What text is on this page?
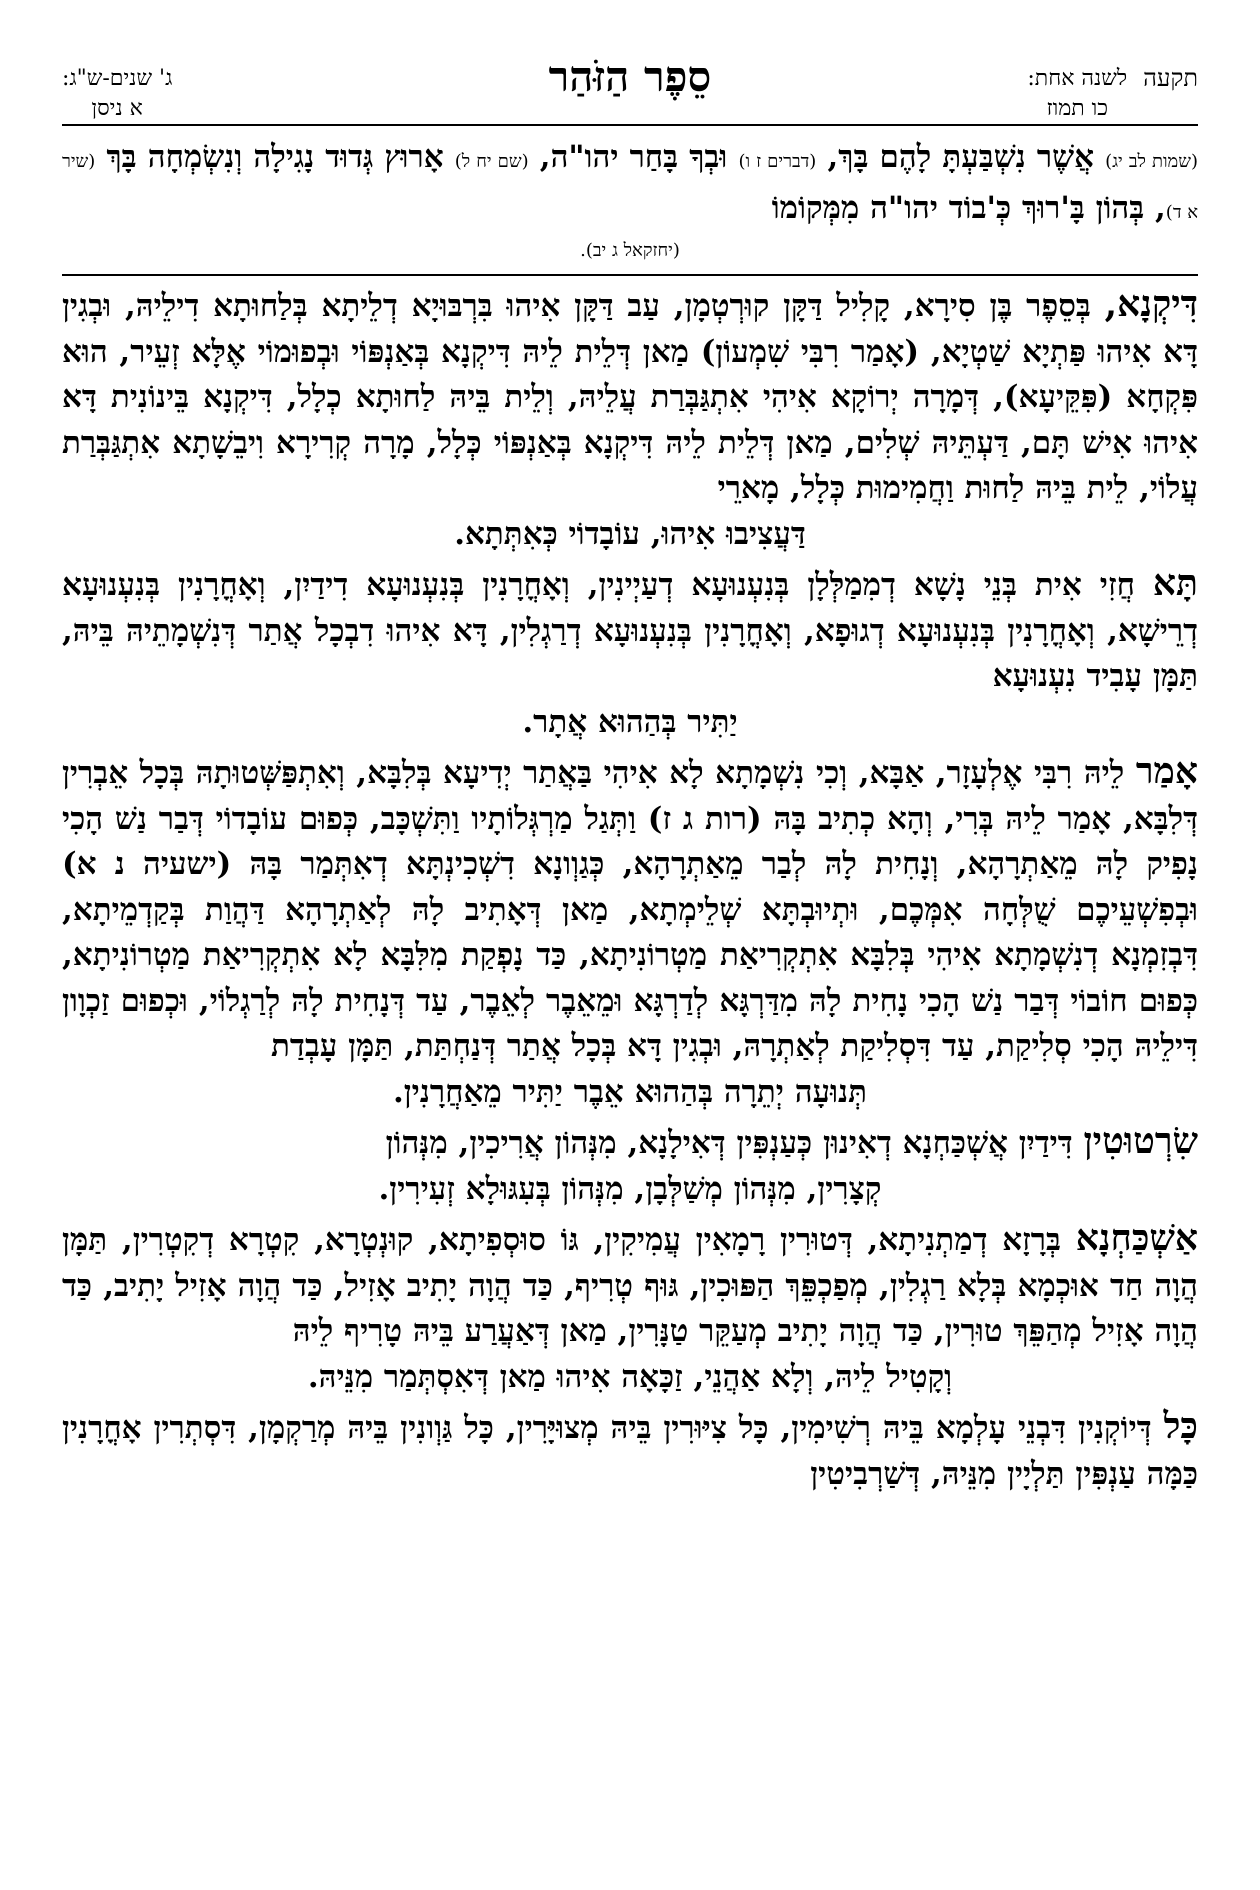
תקעה
לשנה אחת:
כו תמוז
סֵפֶר הַזֹּהַר
ג' שנים-ש"ג:
א ניסן
(שמות לב יג) אֲשֶׁר נִשְׁבַּעְתָּ לָהֶם בָּךְ, (דברים ז ו) וּבְךָ בָּחַר יהו"ה, (שם יח ל) אָרוּץ גְּדוּד נָגִילָה וְנִשְׂמְחָה בָּךְ (שיר א ד), בְּהוֹן בָּ'רוּךְ כְּ'בוֹד יהו"ה מִמְּקוֹמוֹ
(יחזקאל ג יב).

דִּיקְנָא, בְּסֵפֶר בֶּן סִירָא, קָלִיל דַּקָּן קוּרְטְמָן, עַב דַּקָּן אִיהוּ בִּרְבּוּיָא דְלֵיתָא בְּלַחוּתָא דִילֵיהּ, וּבְגִין דָּא אִיהוּ פַּתְיָא שַׁטְיָא, (אָמַר רִבִּי שִׁמְעוֹן) מַאן דְּלֵית לֵיהּ דִּיקְנָא בְּאַנְפּוֹי וּבְפוּמוֹי אֶלָּא זְעֵיר, הוּא פִּקְחָא (פִּקֵּיעָא), דְּמָרָה יְרוֹקָא אִיהִי אִתְגַּבְּרַת עֲלֵיהּ, וְלֵית בֵּיהּ לַחוּתָא כְלָל, דִּיקְנָא בֵּינוֹנִית דָּא אִיהוּ אִישׁ תָּם, דַּעְתֵּיהּ שְׁלִים, מַאן דְּלֵית לֵיהּ דִּיקְנָא בְּאַנְפּוֹי כְּלָל, מָרָה קְרִירָא וִיבֵשָׁתָא אִתְגַּבְּרַת עֲלוֹי, לֵית בֵּיהּ לַחוּת וַחֲמִימוּת כְּלָל, מָארֵי
דַּעֲצִיבוּ אִיהוּ, עוֹבָדוֹי כְּאִתְּתָא.

תָּא חֲזִי אִית בְּנֵי נָשָׁא דְמִמַלְּלָן בְּנִעְנוּעָא דְעַיְינִין, וְאָחֳרָנִין בְּנִעְנוּעָא דִידַיִן, וְאָחֳרָנִין בְּנִעְנוּעָא דְרֵישָׁא, וְאָחֳרָנִין בְּנִעְנוּעָא דְגוּפָא, וְאָחֳרָנִין בְּנִעְנוּעָא דְרַגְלִין, דָּא אִיהוּ דִבְכָל אֲתַר דְּנִשְׁמָתֵיהּ בֵּיהּ, תַּמָּן עָבִיד נִעְנוּעָא
יַתִּיר בְּהַהוּא אֲתָר.

אָמַר לֵיהּ רִבִּי אֶלְעָזָר, אַבָּא, וְכִי נִשְׁמָתָא לָא אִיהִי בַּאֲתַר יְדִיעָא בְּלִבָּא, וְאִתְפַּשְּׁטוּתָהּ בְּכָל אֵבְרִין דְּלִבָּא, אָמַר לֵיהּ בְּרִי, וְהָא כְתִיב בָּהּ (רות ג ז) וַתְּגַל מַרְגְּלוֹתָיו וַתִּשְׁכָּב, כְּפוּם עוֹבָדוֹי דְּבַר נַשׁ הָכִי נָפִיק לָהּ מֵאַתְרָהָא, וְנָחִית לָהּ לְבַר מֵאַתְרָהָא, כְּגַוְונָא דִשְׁכִינְתָּא דְאִתְּמַר בָּהּ (ישעיה נ א) וּבְפִשְׁעֵיכֶם שֻׁלְּחָה אִמְּכֶם, וּתְיוּבְתָּא שְׁלֵימְתָא, מַאן דְּאָתִיב לָהּ לְאַתְרָהָא דַּהֲוַת בְּקַדְמֵיתָא, דִּבְזִמְנָא דְנִשְׁמָתָא אִיהִי בְּלִבָּא אִתְקְרִיאַת מַטְרוֹנִיתָא, כַּד נָפְקַת מִלִּבָּא לָא אִתְקְרִיאַת מַטְרוֹנִיתָא, כְּפוּם חוֹבוֹי דְּבַר נַשׁ הָכִי נָחִית לָהּ מִדַּרְגָּא לְדַרְגָּא וּמֵאֵבֶר לְאֵבֶר, עַד דְּנָחִית לָהּ לְרַגְלוֹי, וּכְפוּם זַכְוָון דִּילֵיהּ הָכִי סְלִיקַת, עַד דִּסְלִיקַת לְאַתְרָהּ, וּבְגִין דָּא בְּכָל אֲתַר דְּנַחְתַּת, תַּמָּן עָבְדַת
תְּנוּעָה יְתֵרָה בְּהַהוּא אֵבֶר יַתִּיר מֵאַחֲרָנִין.

שִׂרְטוּטִין דִּידַיִן אֲשְׁכַּחְנָא דְאִינוּן כְּעַנְפִּין דְּאִילָנָא, מִנְּהוֹן אֲרִיכִין, מִנְּהוֹן
קְצָרִין, מִנְּהוֹן מְשַׁלְּבָן, מִנְּהוֹן בְּעִגּוּלָא זְעִירִין.

אַשְׁכַּחְנָא בְּרָזָא דְמַתְנִיתָא, דְּטוּרִין רָמָאִין עֲמִיקִין, גּוֹ סוּסְפִיתָא, קוּנְטְרָא, קִטְרָא דְקִטְרִין, תַּמָּן הֲוָה חַד אוּכְמָא בְּלָא רַגְלִין, מְפַכְפֵּךְ הַפּוּכִין, גּוּף טְרִיף, כַּד הֲוָה יָתִיב אָזִיל, כַּד הֲוָה אָזִיל יָתִיב, כַּד הֲוָה אָזִיל מְהַפֵּךְ טוּרִין, כַּד הֲוָה יָתִיב מְעַקֵּר טַנָּרִין, מַאן דְּאַעֲרַע בֵּיהּ טָרִיף לֵיהּ
וְקָטִיל לֵיהּ, וְלָא אַהֲנֵי, זַכָּאָה אִיהוּ מַאן דְּאִסְתְּמַר מִנֵּיהּ.

כָּל דְּיוֹקְנִין דִּבְנֵי עָלְמָא בֵּיהּ רְשִׁימִין, כָּל צִיּוּרִין בֵּיהּ מְצוּיָּרִין, כָּל גַּוְונִין בֵּיהּ מְרַקְמָן, דִּסְתְרִין אָחֳרָנִין כַּמָּה עַנְפִּין תַּלְיָין מִנֵּיהּ, דְּשַׁרְבִיטִין
